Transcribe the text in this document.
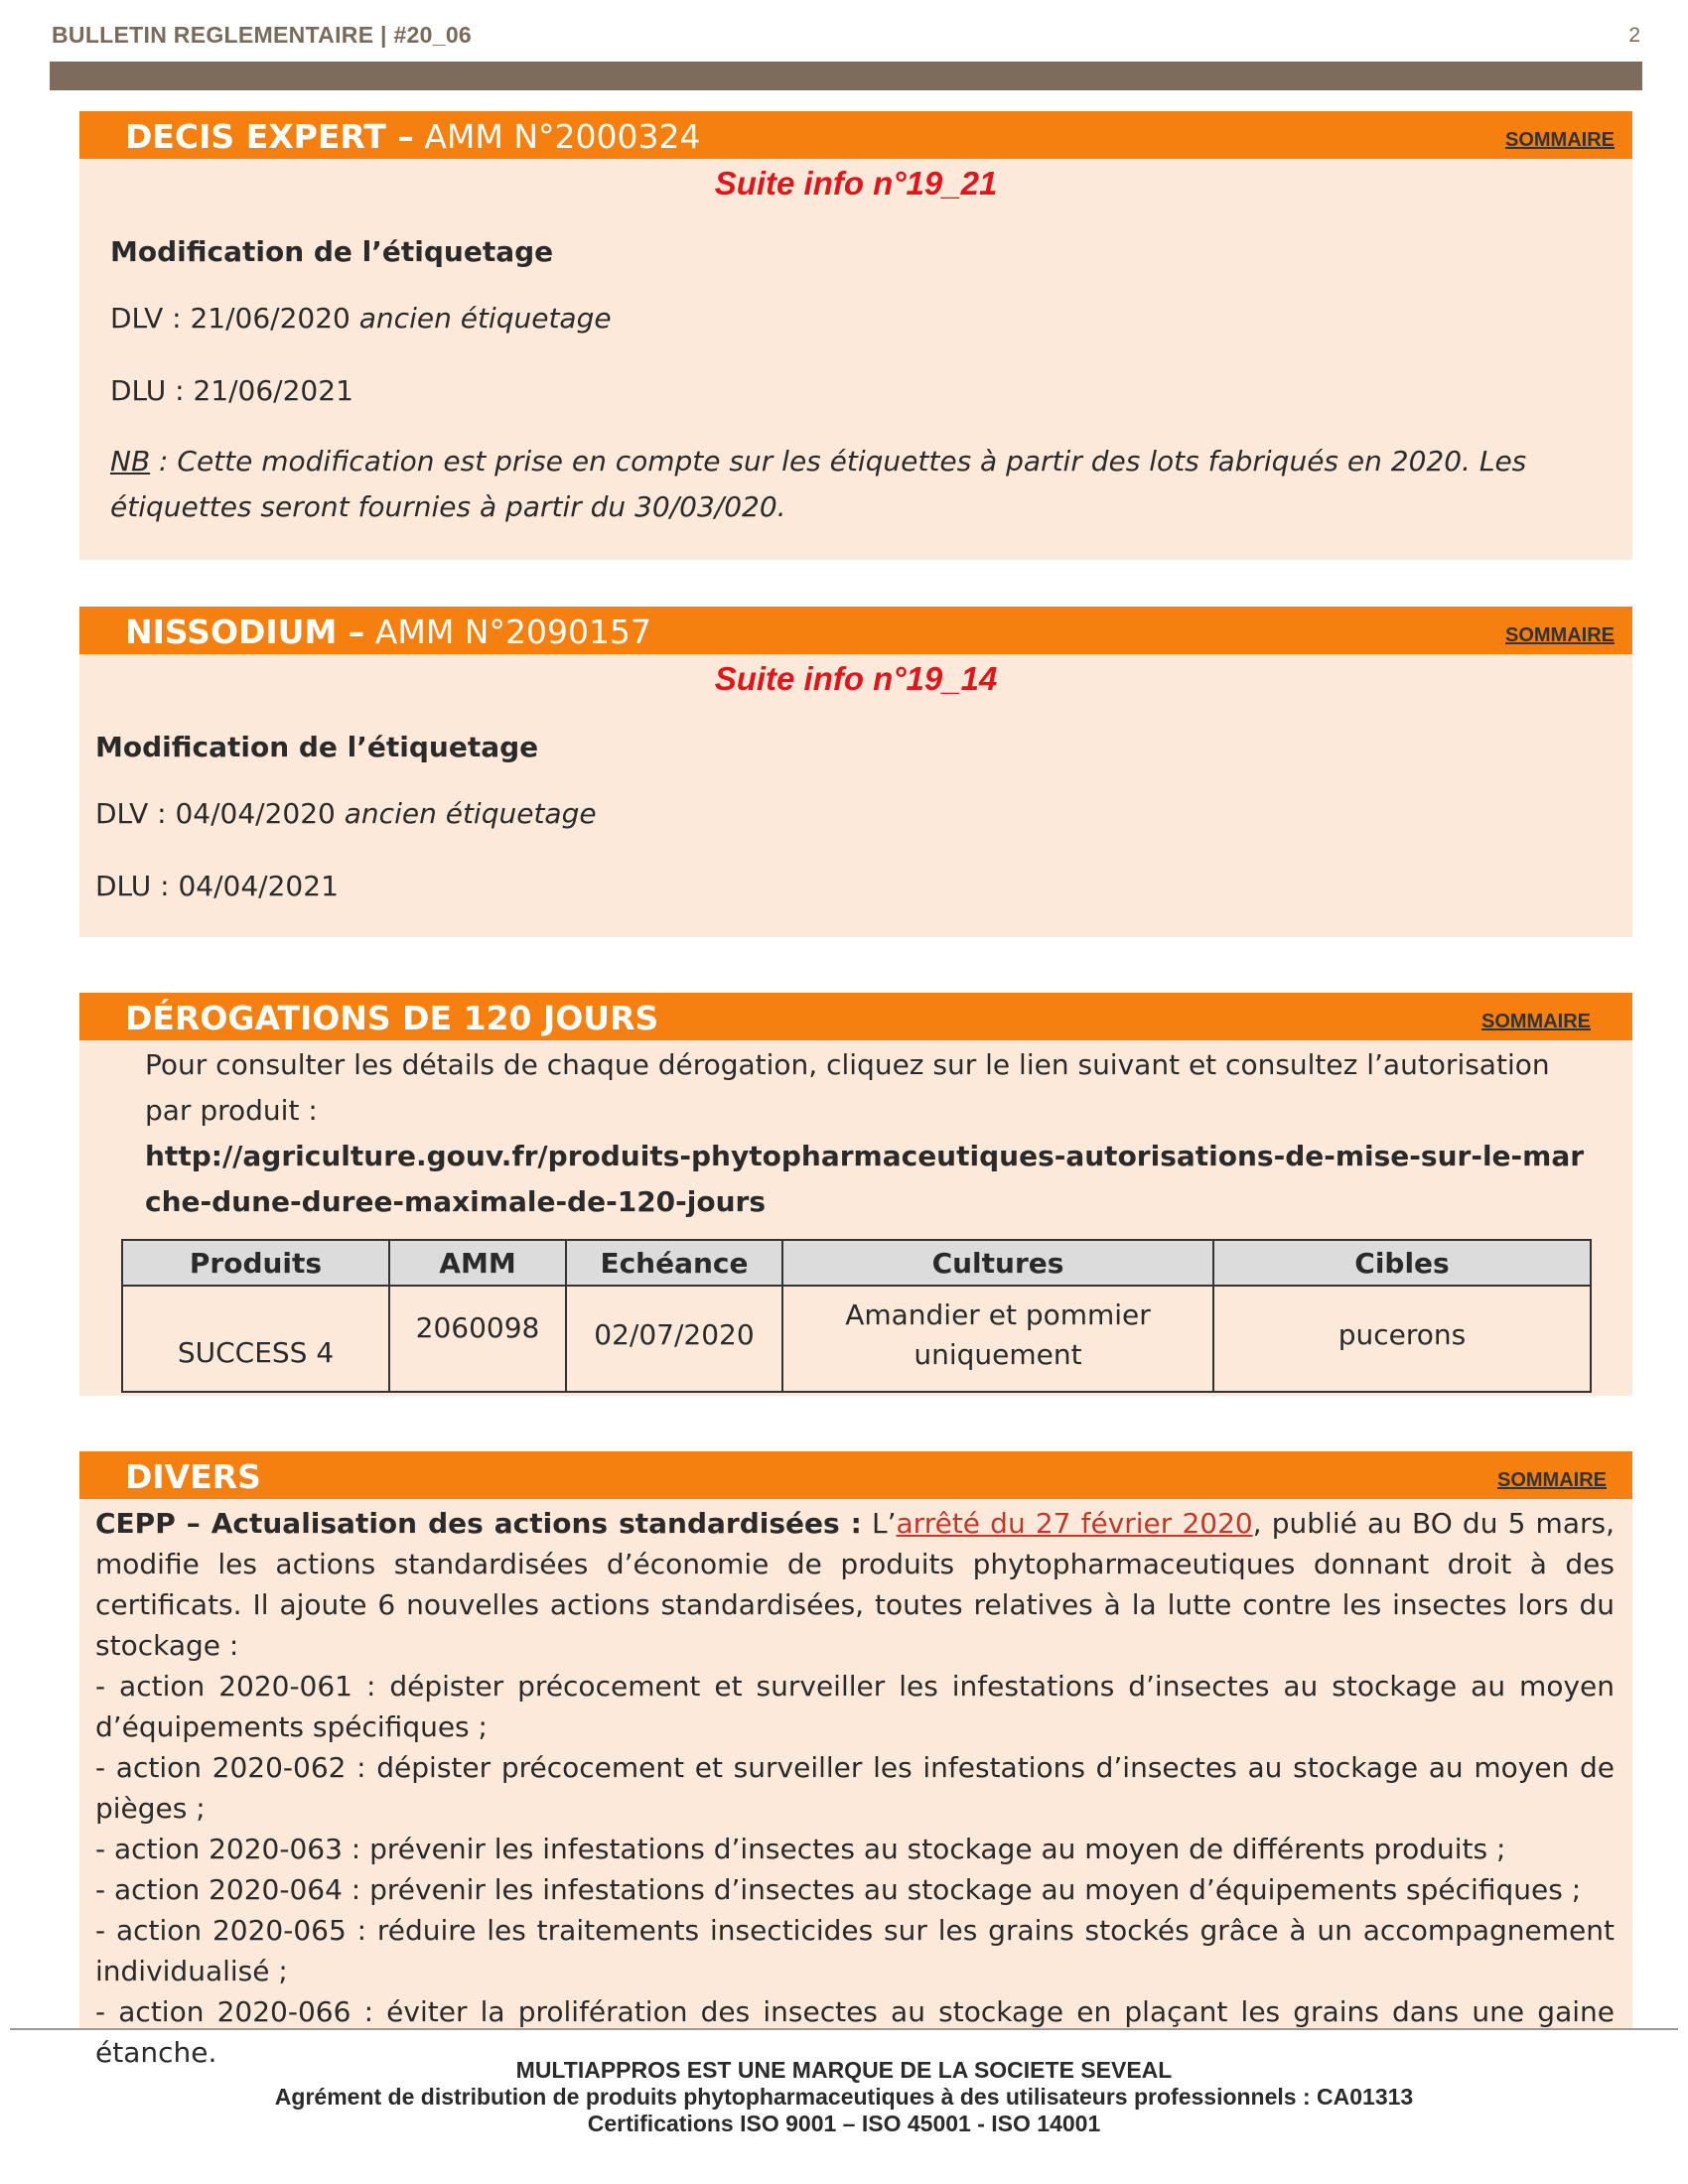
BULLETIN REGLEMENTAIRE | #20_06	2
DECIS EXPERT – AMM N°2000324	SOMMAIRE
Suite info n°19_21
Modification de l’étiquetage
DLV : 21/06/2020 ancien étiquetage
DLU : 21/06/2021
NB : Cette modification est prise en compte sur les étiquettes à partir des lots fabriqués en 2020. Les étiquettes seront fournies à partir du 30/03/020.
NISSODIUM – AMM N°2090157	SOMMAIRE
Suite info n°19_14
Modification de l’étiquetage
DLV : 04/04/2020 ancien étiquetage
DLU : 04/04/2021
DÉROGATIONS DE 120 JOURS	SOMMAIRE
Pour consulter les détails de chaque dérogation, cliquez sur le lien suivant et consultez l’autorisation par produit :
http://agriculture.gouv.fr/produits-phytopharmaceutiques-autorisations-de-mise-sur-le-marche-dune-duree-maximale-de-120-jours
Produits	AMM	Echéance	Cultures	Cibles
SUCCESS 4	2060098	02/07/2020	Amandier et pommier uniquement	pucerons
DIVERS	SOMMAIRE

CEPP – Actualisation des actions standardisées : L’arrêté du 27 février 2020, publié au BO du 5 mars, modifie les actions standardisées d’économie de produits phytopharmaceutiques donnant droit à des certificats. Il ajoute 6 nouvelles actions standardisées, toutes relatives à la lutte contre les insectes lors du stockage :

- action 2020-061 : dépister précocement et surveiller les infestations d’insectes au stockage au moyen d’équipements spécifiques ;

- action 2020-062 : dépister précocement et surveiller les infestations d’insectes au stockage au moyen de pièges ;

- action 2020-063 : prévenir les infestations d’insectes au stockage au moyen de différents produits ;

- action 2020-064 : prévenir les infestations d’insectes au stockage au moyen d’équipements spécifiques ;

- action 2020-065 : réduire les traitements insecticides sur les grains stockés grâce à un accompagnement individualisé ;

- action 2020-066 : éviter la prolifération des insectes au stockage en plaçant les grains dans une gaine étanche.

MULTIAPPROS EST UNE MARQUE DE LA SOCIETE SEVEAL
Agrément de distribution de produits phytopharmaceutiques à des utilisateurs professionnels : CA01313
Certifications ISO 9001 – ISO 45001 - ISO 14001
